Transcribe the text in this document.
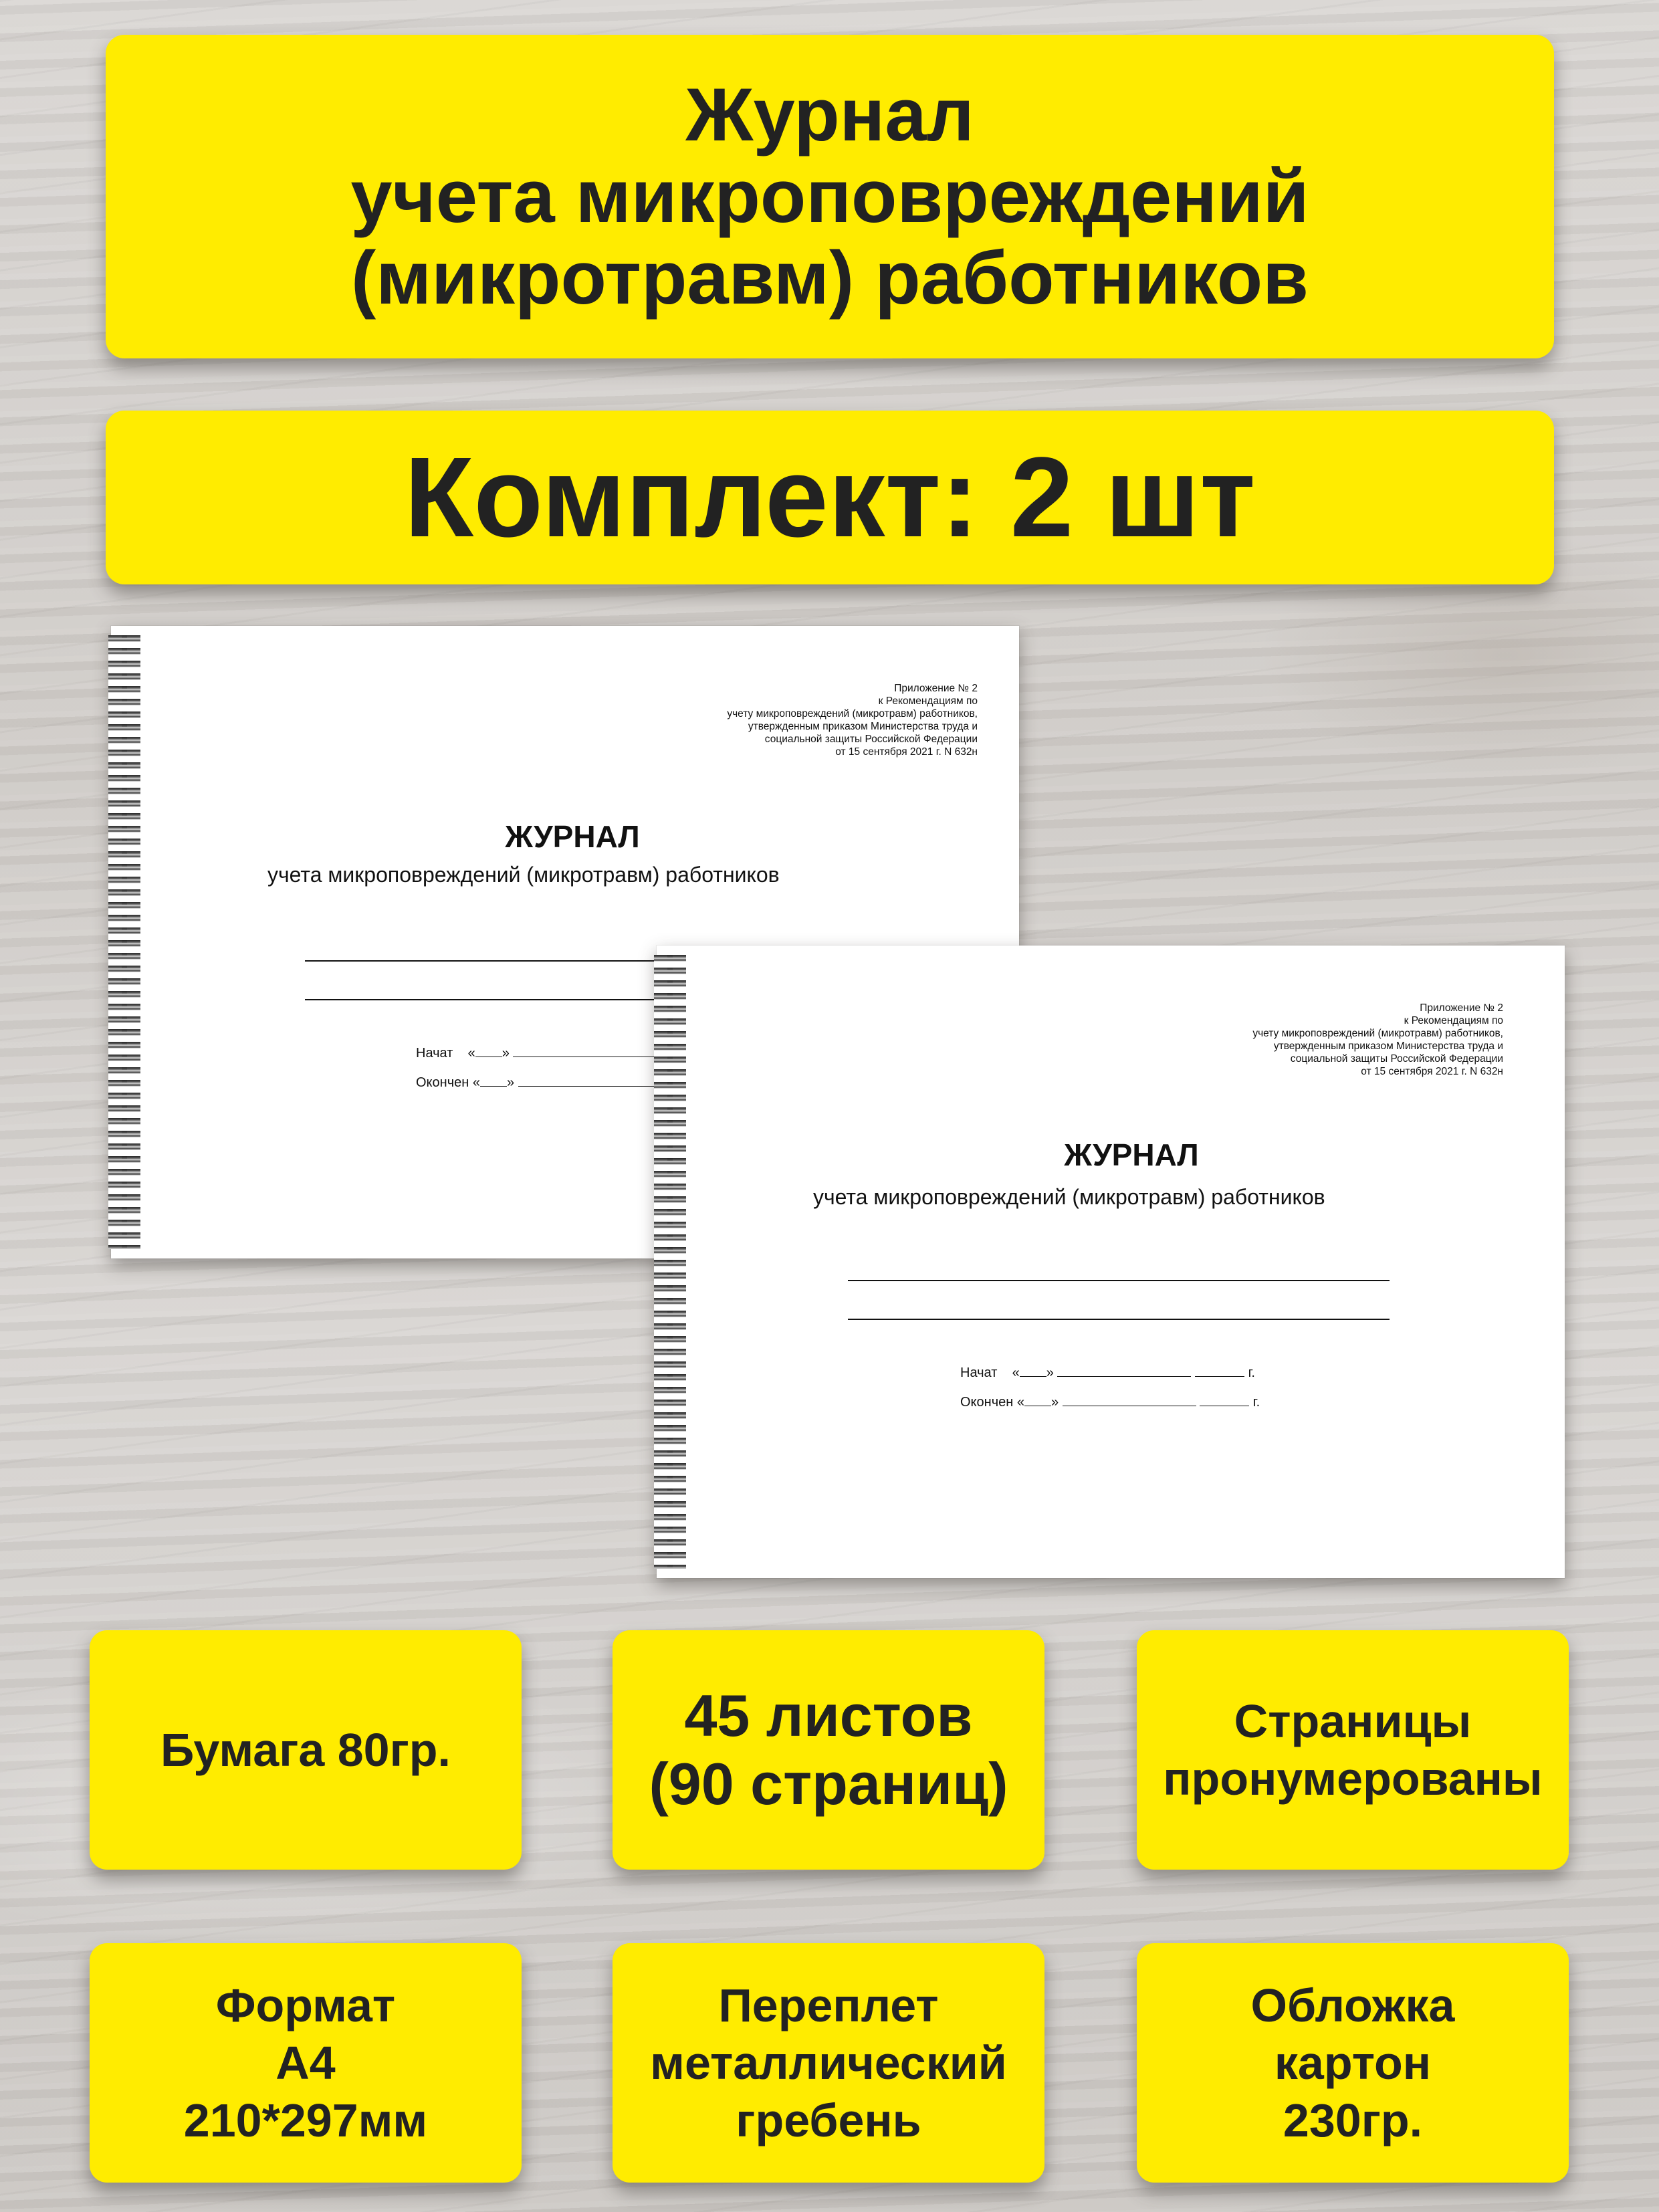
Журнал
учета микроповреждений
(микротравм) работников
Комплект: 2 шт
Приложение № 2
к Рекомендациям по
учету микроповреждений (микротравм) работников,
утвержденным приказом Министерства труда и
социальной защиты Российской Федерации
от 15 сентября 2021 г. N 632н
ЖУРНАЛ
учета микроповреждений (микротравм) работников
Начат « »
Окончен « »
Приложение № 2
к Рекомендациям по
учету микроповреждений (микротравм) работников,
утвержденным приказом Министерства труда и
социальной защиты Российской Федерации
от 15 сентября 2021 г. N 632н
ЖУРНАЛ
учета микроповреждений (микротравм) работников
Начат « »	г.
Окончен « »	г.
Бумага 80гр.
45 листов
(90 страниц)
Страницы
пронумерованы
Формат
А4
210*297мм
Переплет
металлический
гребень
Обложка
картон
230гр.
